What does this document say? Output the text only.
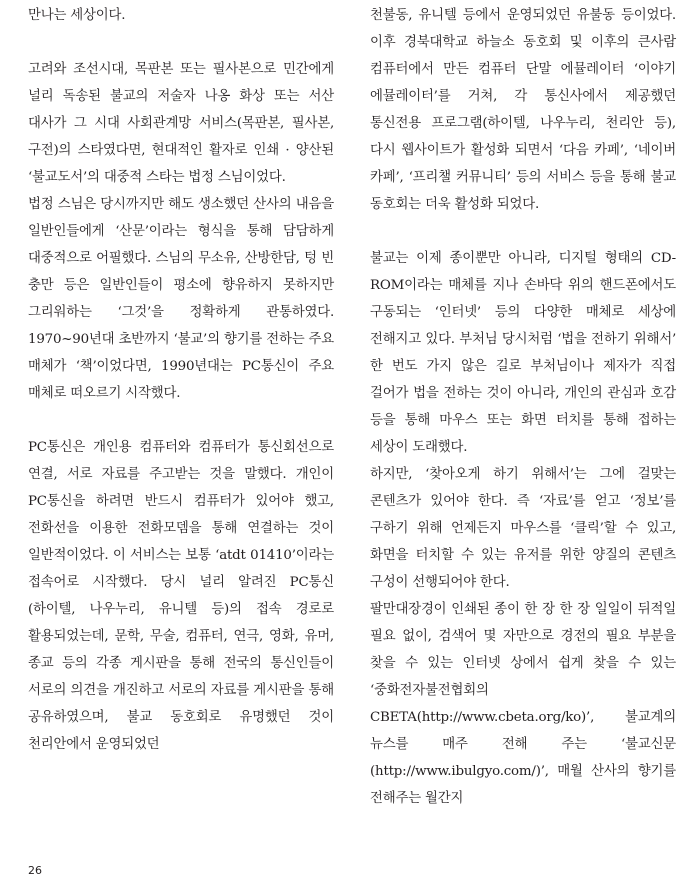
만나는 세상이다.

고려와 조선시대, 목판본 또는 필사본으로 민간에게 널리 독송된 불교의 저술자 나옹 화상 또는 서산 대사가 그 시대 사회관계망 서비스(목판본, 필사본, 구전)의 스타였다면, 현대적인 활자로 인쇄 · 양산된 ‘불교도서’의 대중적 스타는 법정 스님이었다.

법정 스님은 당시까지만 해도 생소했던 산사의 내음을 일반인들에게 ‘산문’이라는 형식을 통해 담담하게 대중적으로 어필했다. 스님의 무소유, 산방한담, 텅 빈 충만 등은 일반인들이 평소에 향유하지 못하지만 그리워하는 ‘그것’을 정확하게 관통하였다. 1970~90년대 초반까지 ‘불교’의 향기를 전하는 주요 매체가 ‘책’이었다면, 1990년대는 PC통신이 주요 매체로 떠오르기 시작했다.

PC통신은 개인용 컴퓨터와 컴퓨터가 통신회선으로 연결, 서로 자료를 주고받는 것을 말했다. 개인이 PC통신을 하려면 반드시 컴퓨터가 있어야 했고, 전화선을 이용한 전화모뎀을 통해 연결하는 것이 일반적이었다. 이 서비스는 보통 ‘atdt 01410’이라는 접속어로 시작했다. 당시 널리 알려진 PC통신(하이텔, 나우누리, 유니텔 등)의 접속 경로로 활용되었는데, 문학, 무술, 컴퓨터, 연극, 영화, 유머, 종교 등의 각종 게시판을 통해 전국의 통신인들이 서로의 의견을 개진하고 서로의 자료를 게시판을 통해 공유하였으며, 불교 동호회로 유명했던 것이 천리안에서 운영되었던

천불동, 유니텔 등에서 운영되었던 유불동 등이었다. 이후 경북대학교 하늘소 동호회 및 이후의 큰사람 컴퓨터에서 만든 컴퓨터 단말 에뮬레이터 ‘이야기 에뮬레이터’를 거쳐, 각 통신사에서 제공했던 통신전용 프로그램(하이텔, 나우누리, 천리안 등), 다시 웹사이트가 활성화 되면서 ‘다음 카페’, ‘네이버 카페’, ‘프리챌 커뮤니티’ 등의 서비스 등을 통해 불교 동호회는 더욱 활성화 되었다.

불교는 이제 종이뿐만 아니라, 디지털 형태의 CD-ROM이라는 매체를 지나 손바닥 위의 핸드폰에서도 구동되는 ‘인터넷’ 등의 다양한 매체로 세상에 전해지고 있다. 부처님 당시처럼 ‘법을 전하기 위해서’ 한 번도 가지 않은 길로 부처님이나 제자가 직접 걸어가 법을 전하는 것이 아니라, 개인의 관심과 호감 등을 통해 마우스 또는 화면 터치를 통해 접하는 세상이 도래했다.

하지만, ‘찾아오게 하기 위해서’는 그에 걸맞는 콘텐츠가 있어야 한다. 즉 ‘자료’를 얻고 ‘정보’를 구하기 위해 언제든지 마우스를 ‘클릭’할 수 있고, 화면을 터치할 수 있는 유저를 위한 양질의 콘텐츠 구성이 선행되어야 한다.

팔만대장경이 인쇄된 종이 한 장 한 장 일일이 뒤적일 필요 없이, 검색어 몇 자만으로 경전의 필요 부분을 찾을 수 있는 인터넷 상에서 쉽게 찾을 수 있는 ‘중화전자불전협회의 CBETA(http://www.cbeta.org/ko)’, 불교계의 뉴스를 매주 전해 주는 ‘불교신문(http://www.ibulgyo.com/)’, 매월 산사의 향기를 전해주는 월간지

26
